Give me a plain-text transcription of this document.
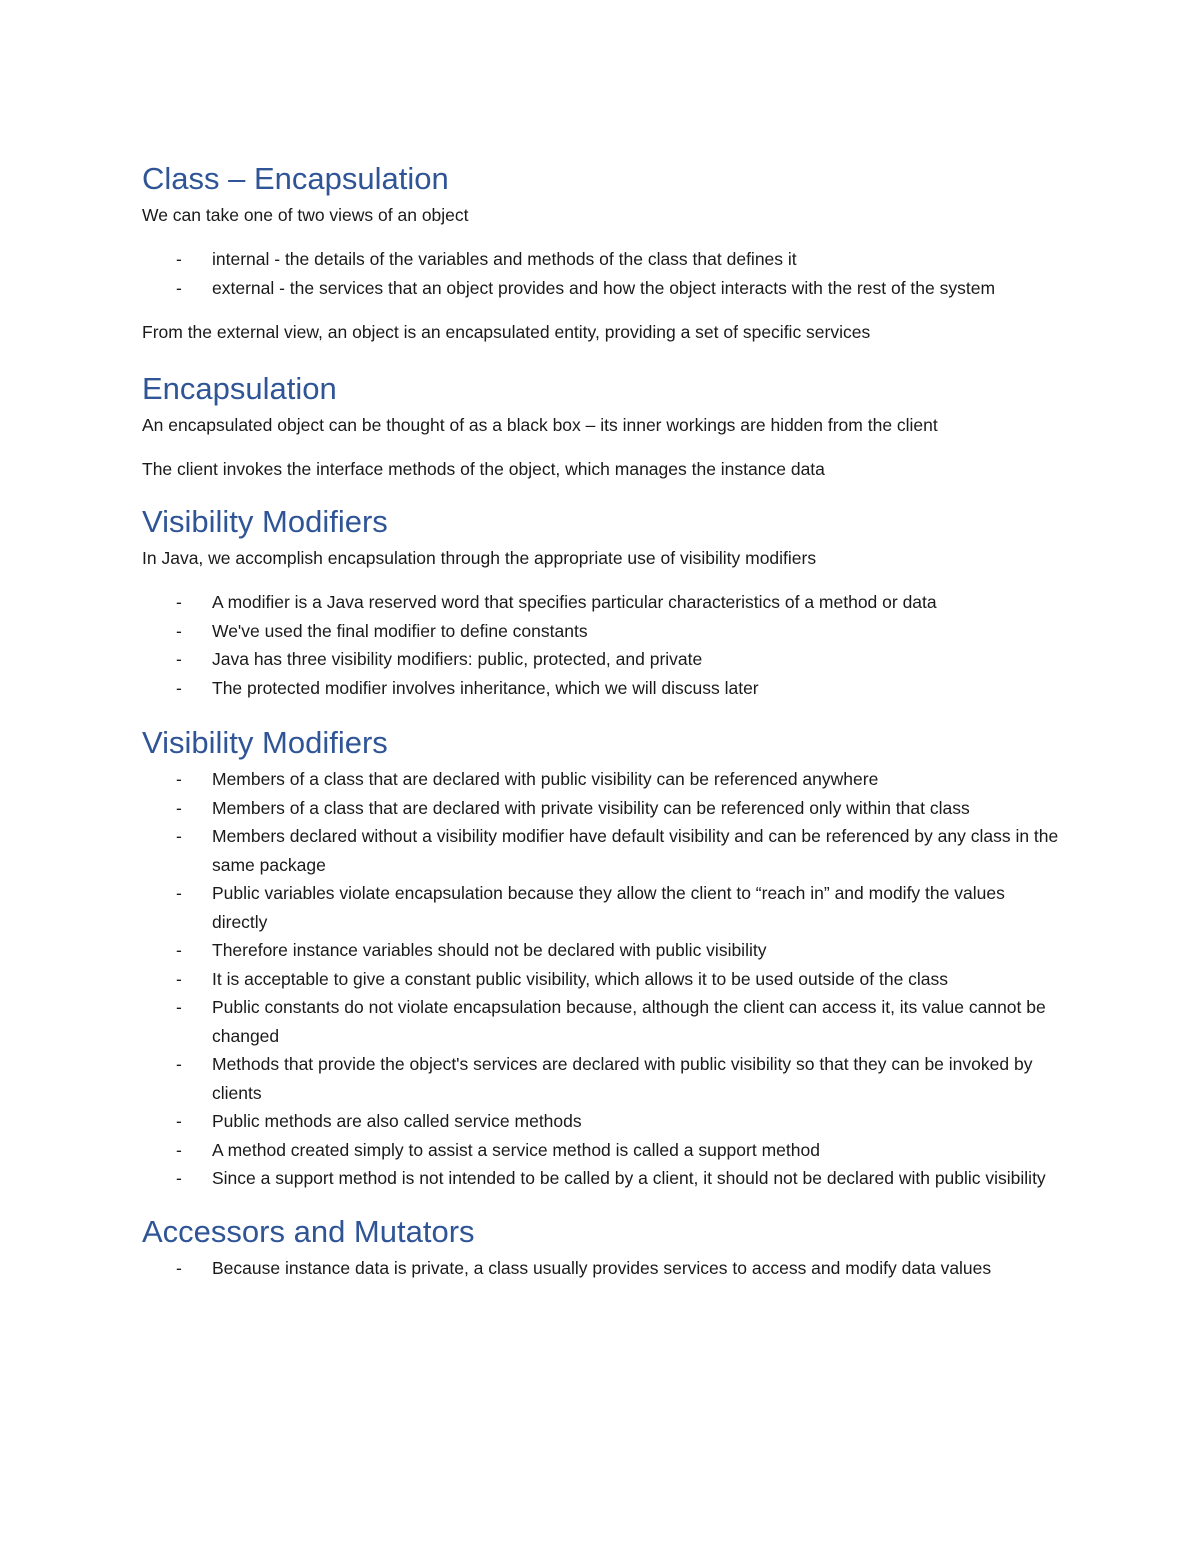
Class – Encapsulation

We can take one of two views of an object

- internal - the details of the variables and methods of the class that defines it
- external - the services that an object provides and how the object interacts with the rest of the system

From the external view, an object is an encapsulated entity, providing a set of specific services

Encapsulation

An encapsulated object can be thought of as a black box – its inner workings are hidden from the client

The client invokes the interface methods of the object, which manages the instance data

Visibility Modifiers

In Java, we accomplish encapsulation through the appropriate use of visibility modifiers

- A modifier is a Java reserved word that specifies particular characteristics of a method or data
- We've used the final modifier to define constants
- Java has three visibility modifiers: public, protected, and private
- The protected modifier involves inheritance, which we will discuss later
Visibility Modifiers
- Members of a class that are declared with public visibility can be referenced anywhere
- Members of a class that are declared with private visibility can be referenced only within that class
- Members declared without a visibility modifier have default visibility and can be referenced by any class in the same package
- Public variables violate encapsulation because they allow the client to “reach in” and modify the values directly
- Therefore instance variables should not be declared with public visibility
- It is acceptable to give a constant public visibility, which allows it to be used outside of the class
- Public constants do not violate encapsulation because, although the client can access it, its value cannot be changed
- Methods that provide the object's services are declared with public visibility so that they can be invoked by clients
- Public methods are also called service methods
- A method created simply to assist a service method is called a support method
- Since a support method is not intended to be called by a client, it should not be declared with public visibility
Accessors and Mutators
- Because instance data is private, a class usually provides services to access and modify data values
